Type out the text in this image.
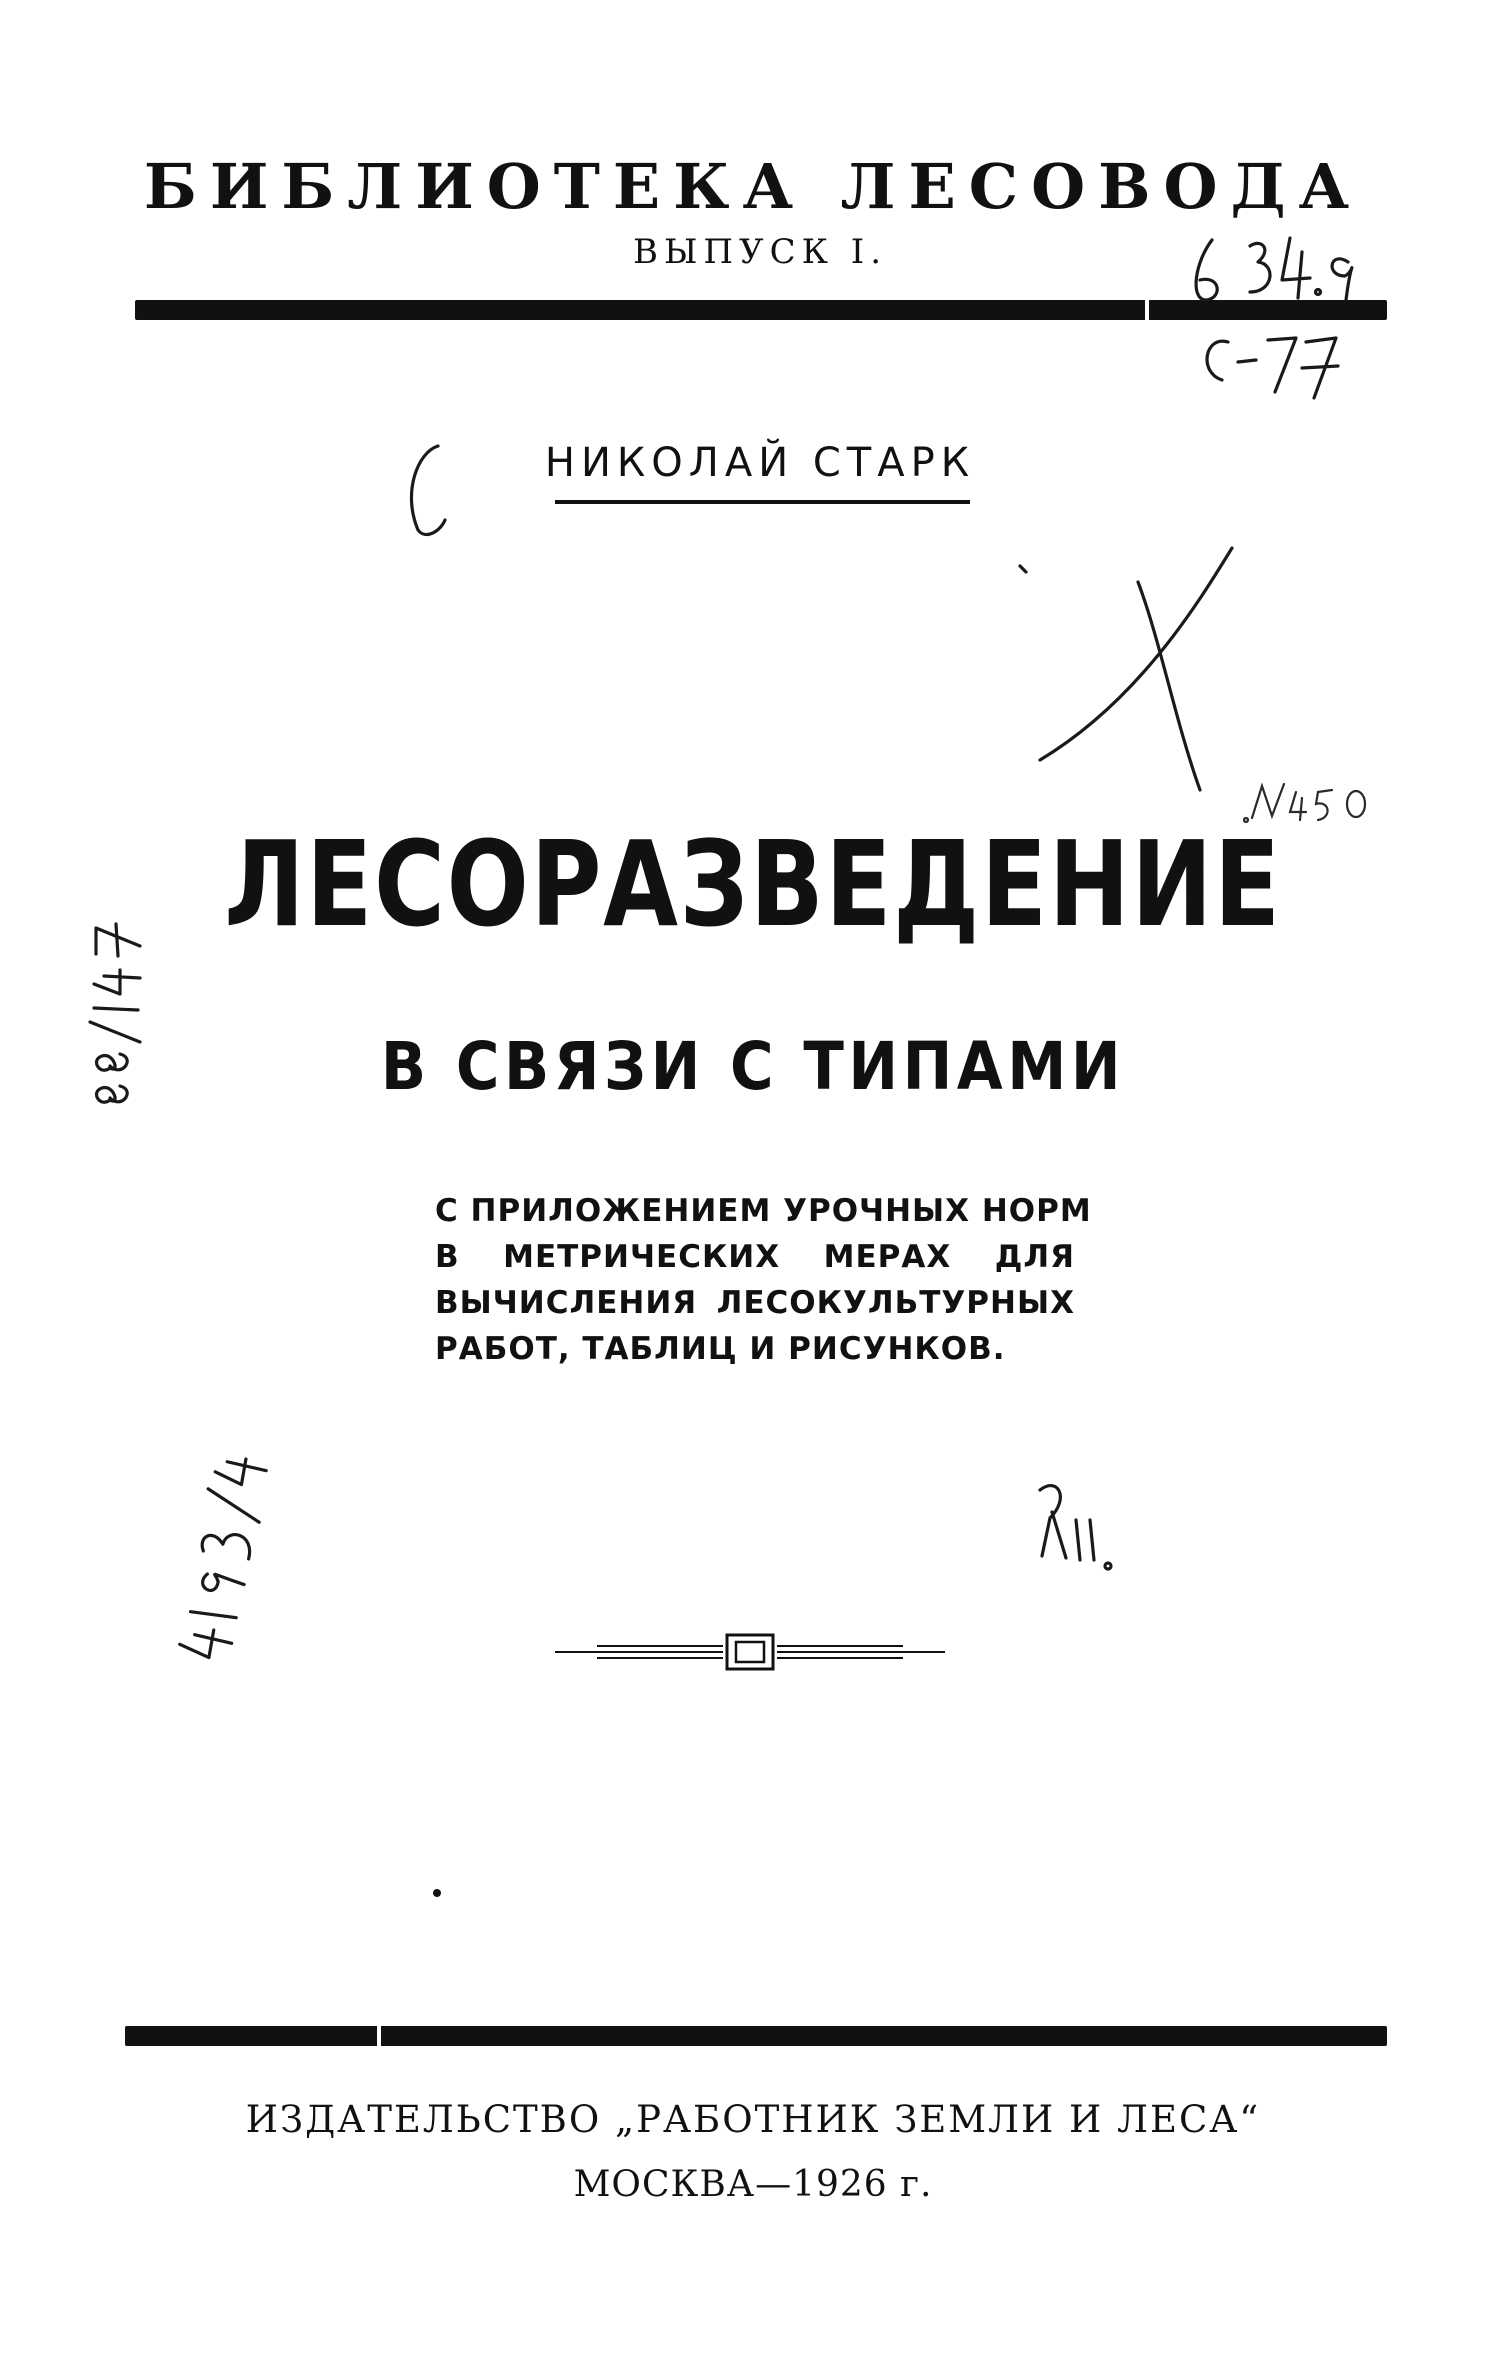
БИБЛИОТЕКА ЛЕСОВОДА
ВЫПУСК I.
НИКОЛАЙ СТАРК
ЛЕСОРАЗВЕДЕНИЕ
В СВЯЗИ С ТИПАМИ
С ПРИЛОЖЕНИЕМ УРОЧНЫХ НОРМ
В МЕТРИЧЕСКИХ МЕРАХ ДЛЯ
ВЫЧИСЛЕНИЯ ЛЕСОКУЛЬТУРНЫХ
РАБОТ, ТАБЛИЦ И РИСУНКОВ.
ИЗДАТЕЛЬСТВО „РАБОТНИК ЗЕМЛИ И ЛЕСА“
МОСКВА—1926 г.
